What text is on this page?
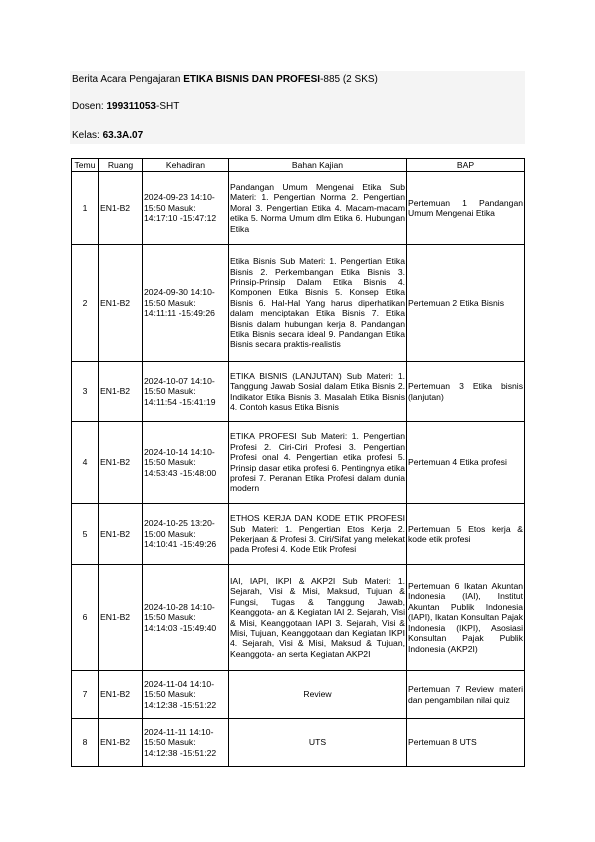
Berita Acara Pengajaran ETIKA BISNIS DAN PROFESI-885 (2 SKS)
Dosen: 199311053-SHT
Kelas: 63.3A.07
Temu	Ruang	Kehadiran	Bahan Kajian	BAP
1	EN1-B2	2024-09-23 14:10-15:50 Masuk: 14:17:10 -15:47:12	Pandangan Umum Mengenai Etika Sub Materi: 1. Pengertian Norma 2. Pengertian Moral 3. Pengertian Etika 4. Macam-macam etika 5. Norma Umum dlm Etika 6. Hubungan Etika	Pertemuan 1 Pandangan Umum Mengenai Etika
2	EN1-B2	2024-09-30 14:10-15:50 Masuk: 14:11:11 -15:49:26	Etika Bisnis Sub Materi: 1. Pengertian Etika Bisnis 2. Perkembangan Etika Bisnis 3. Prinsip-Prinsip Dalam Etika Bisnis 4. Komponen Etika Bisnis 5. Konsep Etika Bisnis 6. Hal-Hal Yang harus diperhatikan dalam menciptakan Etika Bisnis 7. Etika Bisnis dalam hubungan kerja 8. Pandangan Etika Bisnis secara ideal 9. Pandangan Etika Bisnis secara praktis-realistis	Pertemuan 2 Etika Bisnis
3	EN1-B2	2024-10-07 14:10-15:50 Masuk: 14:11:54 -15:41:19	ETIKA BISNIS (LANJUTAN) Sub Materi: 1. Tanggung Jawab Sosial dalam Etika Bisnis 2. Indikator Etika Bisnis 3. Masalah Etika Bisnis 4. Contoh kasus Etika Bisnis	Pertemuan 3 Etika bisnis (lanjutan)
4	EN1-B2	2024-10-14 14:10-15:50 Masuk: 14:53:43 -15:48:00	ETIKA PROFESI Sub Materi: 1. Pengertian Profesi 2. Ciri-Ciri Profesi 3. Pengertian Profesi onal 4. Pengertian etika profesi 5. Prinsip dasar etika profesi 6. Pentingnya etika profesi 7. Peranan Etika Profesi dalam dunia modern	Pertemuan 4 Etika profesi
5	EN1-B2	2024-10-25 13:20-15:00 Masuk: 14:10:41 -15:49:26	ETHOS KERJA DAN KODE ETIK PROFESI Sub Materi: 1. Pengertian Etos Kerja 2. Pekerjaan & Profesi 3. Ciri/Sifat yang melekat pada Profesi 4. Kode Etik Profesi	Pertemuan 5 Etos kerja & kode etik profesi
6	EN1-B2	2024-10-28 14:10-15:50 Masuk: 14:14:03 -15:49:40	IAI, IAPI, IKPI & AKP2I Sub Materi: 1. Sejarah, Visi & Misi, Maksud, Tujuan & Fungsi, Tugas & Tanggung Jawab, Keanggota- an & Kegiatan IAI 2. Sejarah, Visi & Misi, Keanggotaan IAPI 3. Sejarah, Visi & Misi, Tujuan, Keanggotaan dan Kegiatan IKPI 4. Sejarah, Visi & Misi, Maksud & Tujuan, Keanggota- an serta Kegiatan AKP2I	Pertemuan 6 Ikatan Akuntan Indonesia (IAI), Institut Akuntan Publik Indonesia (IAPI), Ikatan Konsultan Pajak Indonesia (IKPI), Asosiasi Konsultan Pajak Publik Indonesia (AKP2I)
7	EN1-B2	2024-11-04 14:10-15:50 Masuk: 14:12:38 -15:51:22	Review	Pertemuan 7 Review materi dan pengambilan nilai quiz
8	EN1-B2	2024-11-11 14:10-15:50 Masuk: 14:12:38 -15:51:22	UTS	Pertemuan 8 UTS
